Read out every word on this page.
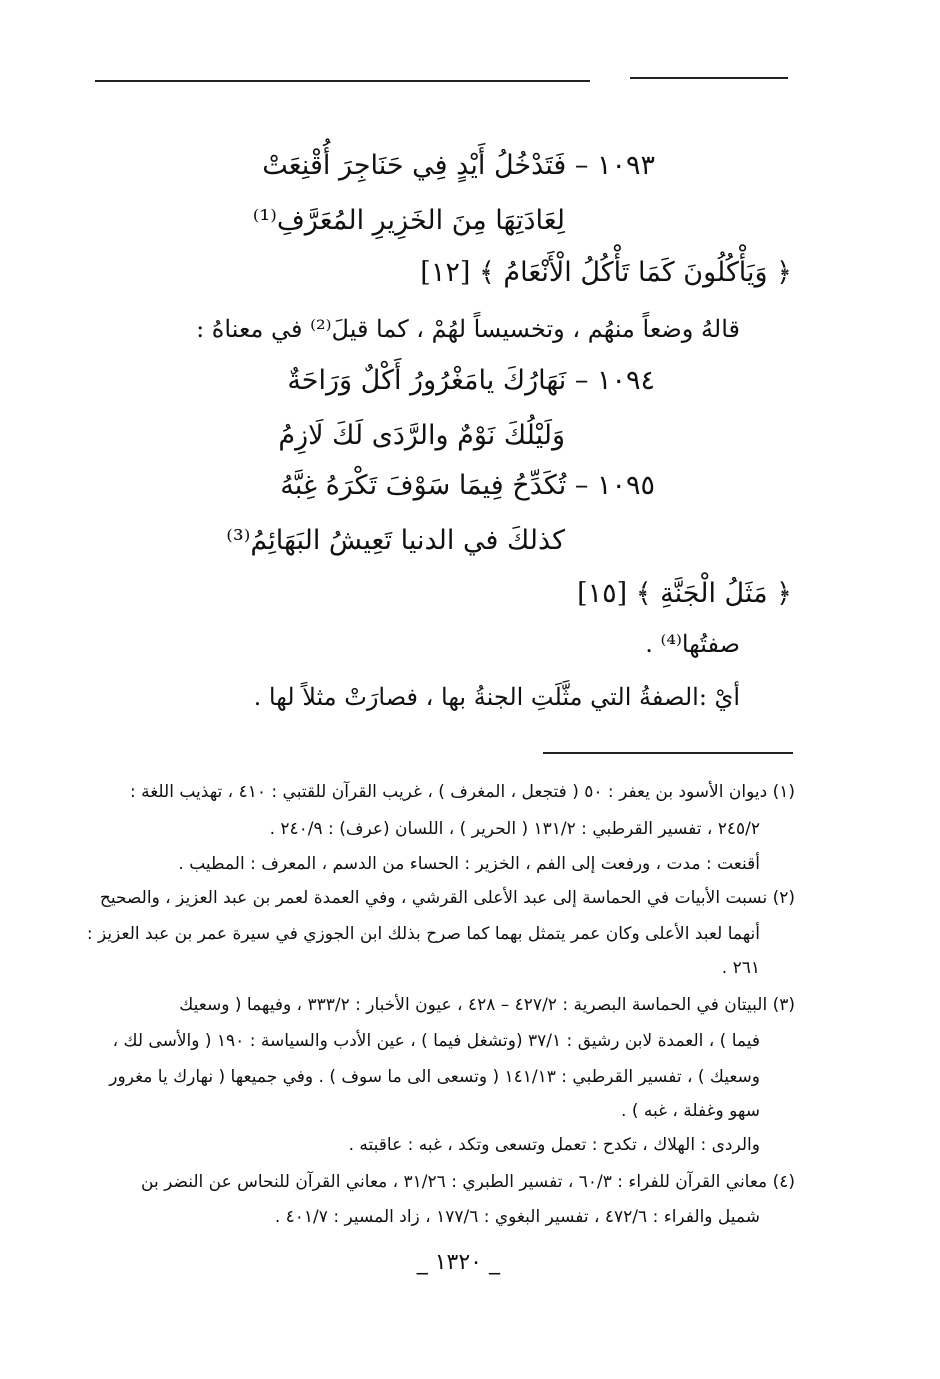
١٠٩٣ – فَتَدْخُلُ أَيْدٍ فِي حَنَاجِرَ أُقْنِعَتْ
لِعَادَتِهَا مِنَ الخَزِيرِ المُعَرَّفِ⁽¹⁾
﴿ وَيَأْكُلُونَ كَمَا تَأْكُلُ الْأَنْعَامُ ﴾ [١٢]
قالهُ وضعاً منهُم ، وتخسيساً لهُمْ ، كما قيلَ⁽²⁾ في معناهُ :
١٠٩٤ – نَهَارُكَ يامَغْرُورُ أَكْلٌ وَرَاحَةٌ
وَلَيْلُكَ نَوْمٌ والرَّدَى لَكَ لَازِمُ
١٠٩٥ – تُكَدِّحُ فِيمَا سَوْفَ تَكْرَهُ غِبَّهُ
كذلكَ في الدنيا تَعِيشُ البَهَائِمُ⁽³⁾
﴿ مَثَلُ الْجَنَّةِ ﴾ [١٥]
صفتُها⁽⁴⁾ .
أيْ :الصفةُ التي مثَّلَتِ الجنةُ بها ، فصارَتْ مثلاً لها .
(١) ديوان الأسود بن يعفر : ٥٠ ( فتجعل ، المغرف ) ، غريب القرآن للقتبي : ٤١٠ ، تهذيب اللغة :
٢٤٥/٢ ، تفسير القرطبي : ١٣١/٢ ( الحرير ) ، اللسان (عرف) : ٢٤٠/٩ .
أقنعت : مدت ، ورفعت إلى الفم ، الخزير : الحساء من الدسم ، المعرف : المطيب .
(٢) نسبت الأبيات في الحماسة إلى عبد الأعلى القرشي ، وفي العمدة لعمر بن عبد العزيز ، والصحيح
أنهما لعبد الأعلى وكان عمر يتمثل بهما كما صرح بذلك ابن الجوزي في سيرة عمر بن عبد العزيز :
٢٦١ .
(٣) البيتان في الحماسة البصرية : ٤٢٧/٢ – ٤٢٨ ، عيون الأخبار : ٣٣٣/٢ ، وفيهما ( وسعيك
فيما ) ، العمدة لابن رشيق : ٣٧/١ (وتشغل فيما ) ، عين الأدب والسياسة : ١٩٠ ( والأسى لك ،
وسعيك ) ، تفسير القرطبي : ١٤١/١٣ ( وتسعى الى ما سوف ) . وفي جميعها ( نهارك يا مغرور
سهو وغفلة ، غبه ) .
والردى : الهلاك ، تكدح : تعمل وتسعى وتكد ، غبه : عاقبته .
(٤) معاني القرآن للفراء : ٦٠/٣ ، تفسير الطبري : ٣١/٢٦ ، معاني القرآن للنحاس عن النضر بن
شميل والفراء : ٤٧٢/٦ ، تفسير البغوي : ١٧٧/٦ ، زاد المسير : ٤٠١/٧ .
_ ١٣٢٠ _
